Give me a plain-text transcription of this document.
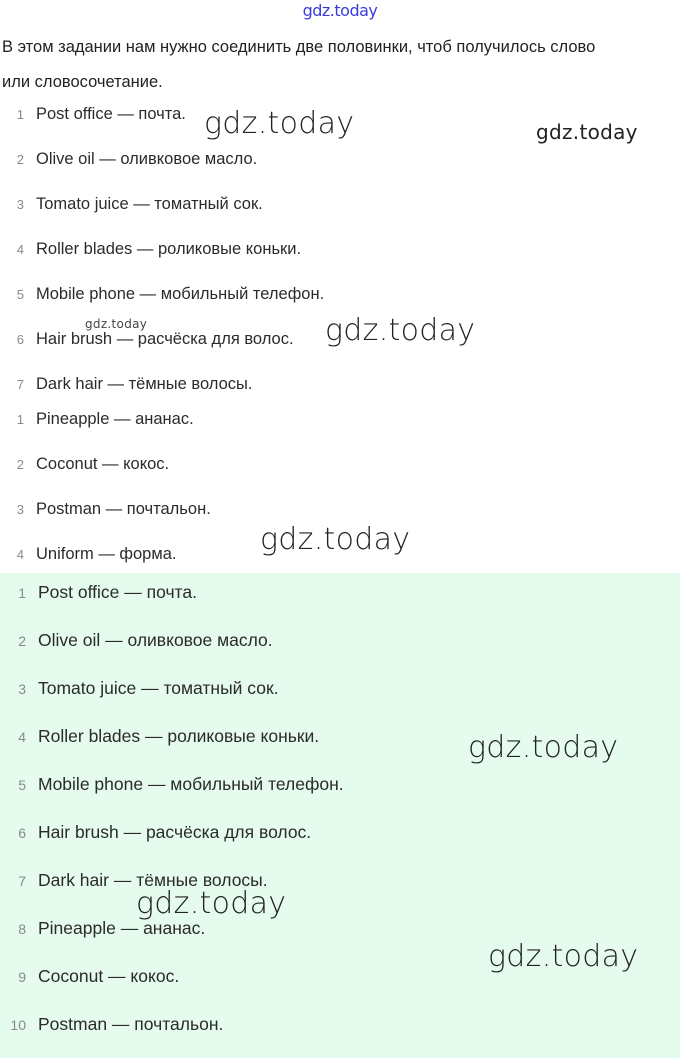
gdz.today
В этом задании нам нужно соединить две половинки, чтоб получилось слово
или словосочетание.
1 Post office — почта.
2 Olive oil — оливковое масло.
3 Tomato juice — томатный сок.
4 Roller blades — роликовые коньки.
5 Mobile phone — мобильный телефон.
6 Hair brush — расчёска для волос.
7 Dark hair — тёмные волосы.
1 Pineapple — ананас.
2 Coconut — кокос.
3 Postman — почтальон.
4 Uniform — форма.
1 Post office — почта.
2 Olive oil — оливковое масло.
3 Tomato juice — томатный сок.
4 Roller blades — роликовые коньки.
5 Mobile phone — мобильный телефон.
6 Hair brush — расчёска для волос.
7 Dark hair — тёмные волосы.
8 Pineapple — ананас.
9 Coconut — кокос.
10 Postman — почтальон.
gdz.today	gdz.today
gdz.today	gdz.today
gdz.today
gdz.today
gdz.today
gdz.today
